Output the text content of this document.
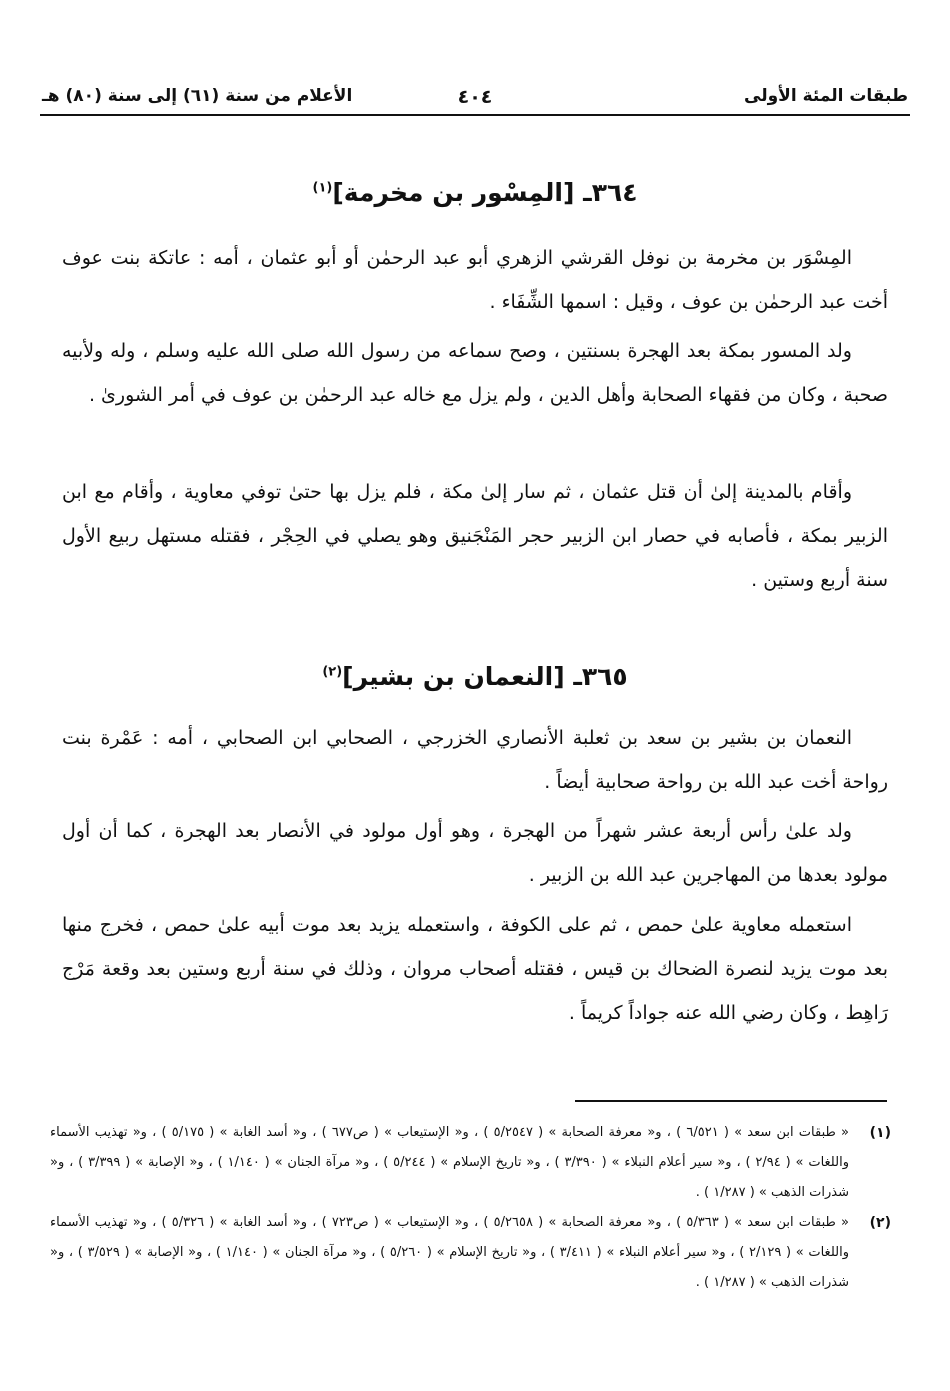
طبقات المئة الأولى
٤٠٤
الأعلام من سنة (٦١) إلى سنة (٨٠) هـ
٣٦٤ـ [المِسْور بن مخرمة]$^{(١)}$

المِسْوَر بن مخرمة بن نوفل القرشي الزهري أبو عبد الرحمٰن أو أبو عثمان ، أمه : عاتكة بنت عوف أخت عبد الرحمٰن بن عوف ، وقيل : اسمها الشِّفَاء .

ولد المسور بمكة بعد الهجرة بسنتين ، وصح سماعه من رسول الله صلى الله عليه وسلم ، وله ولأبيه صحبة ، وكان من فقهاء الصحابة وأهل الدين ، ولم يزل مع خاله عبد الرحمٰن بن عوف في أمر الشورىٰ .

وأقام بالمدينة إلىٰ أن قتل عثمان ، ثم سار إلىٰ مكة ، فلم يزل بها حتىٰ توفي معاوية ، وأقام مع ابن الزبير بمكة ، فأصابه في حصار ابن الزبير حجر المَنْجَنيق وهو يصلي في الحِجْر ، فقتله مستهل ربيع الأول سنة أربع وستين .

٣٦٥ـ [النعمان بن بشير]$^{(٢)}$

النعمان بن بشير بن سعد بن ثعلبة الأنصاري الخزرجي ، الصحابي ابن الصحابي ، أمه : عَمْرة بنت رواحة أخت عبد الله بن رواحة صحابية أيضاً .

ولد علىٰ رأس أربعة عشر شهراً من الهجرة ، وهو أول مولود في الأنصار بعد الهجرة ، كما أن أول مولود بعدها من المهاجرين عبد الله بن الزبير .

استعمله معاوية علىٰ حمص ، ثم على الكوفة ، واستعمله يزيد بعد موت أبيه علىٰ حمص ، فخرج منها بعد موت يزيد لنصرة الضحاك بن قيس ، فقتله أصحاب مروان ، وذلك في سنة أربع وستين بعد وقعة مَرْج رَاهِط ، وكان رضي الله عنه جواداً كريماً .

(١)
« طبقات ابن سعد » ( ٦/٥٢١ ) ، و« معرفة الصحابة » ( ٥/٢٥٤٧ ) ، و« الإستيعاب » ( ص٦٧٧ ) ، و« أسد الغابة » ( ٥/١٧٥ ) ، و« تهذيب الأسماء واللغات » ( ٢/٩٤ ) ، و« سير أعلام النبلاء » ( ٣/٣٩٠ ) ، و« تاريخ الإسلام » ( ٥/٢٤٤ ) ، و« مرآة الجنان » ( ١/١٤٠ ) ، و« الإصابة » ( ٣/٣٩٩ ) ، و« شذرات الذهب » ( ١/٢٨٧ ) .
(٢)
« طبقات ابن سعد » ( ٥/٣٦٣ ) ، و« معرفة الصحابة » ( ٥/٢٦٥٨ ) ، و« الإستيعاب » ( ص٧٢٣ ) ، و« أسد الغابة » ( ٥/٣٢٦ ) ، و« تهذيب الأسماء واللغات » ( ٢/١٢٩ ) ، و« سير أعلام النبلاء » ( ٣/٤١١ ) ، و« تاريخ الإسلام » ( ٥/٢٦٠ ) ، و« مرآة الجنان » ( ١/١٤٠ ) ، و« الإصابة » ( ٣/٥٢٩ ) ، و« شذرات الذهب » ( ١/٢٨٧ ) .
